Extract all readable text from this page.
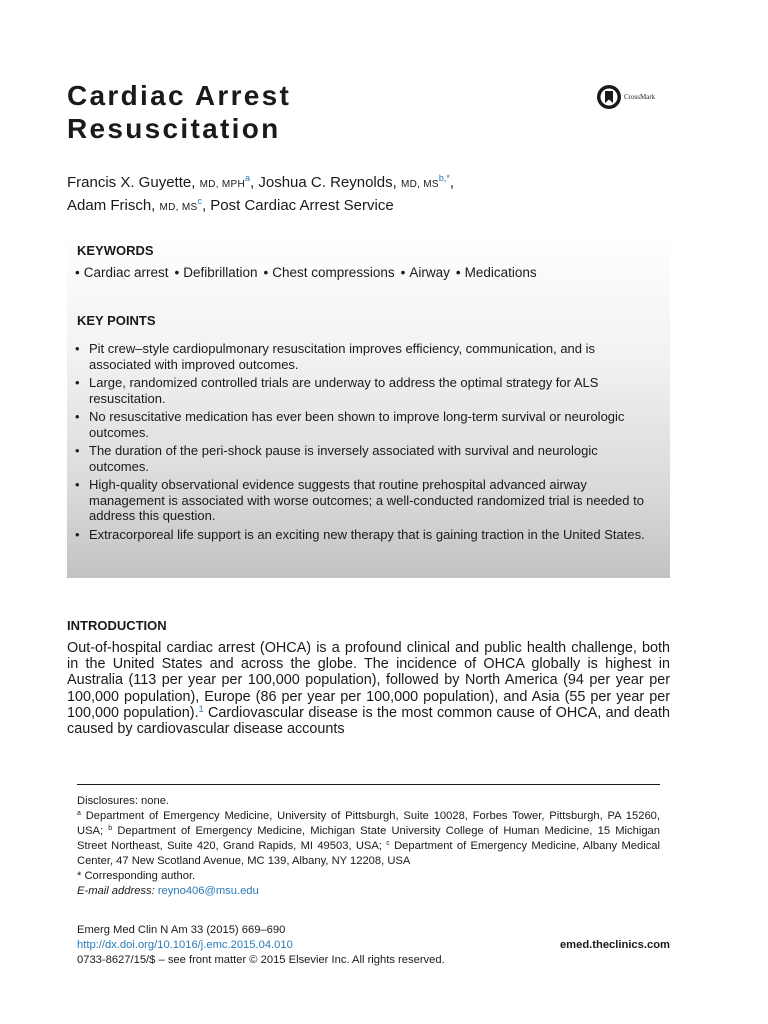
Cardiac Arrest
Resuscitation
CrossMark
Francis X. Guyette, MD, MPH$^a$, Joshua C. Reynolds, MD, $MS^{b,*}$,
Adam Frisch, MD, $MS^c$, Post Cardiac Arrest Service
KEYWORDS
• Cardiac arrest • Defibrillation • Chest compressions • Airway • Medications
KEY POINTS
• Pit crew–style cardiopulmonary resuscitation improves efficiency, communication, and is associated with improved outcomes.
• Large, randomized controlled trials are underway to address the optimal strategy for ALS resuscitation.
• No resuscitative medication has ever been shown to improve long-term survival or neurologic outcomes.
• The duration of the peri-shock pause is inversely associated with survival and neurologic outcomes.
• High-quality observational evidence suggests that routine prehospital advanced airway management is associated with worse outcomes; a well-conducted randomized trial is needed to address this question.
• Extracorporeal life support is an exciting new therapy that is gaining traction in the United States.
INTRODUCTION

Out-of-hospital cardiac arrest (OHCA) is a profound clinical and public health challenge, both in the United States and across the globe. The incidence of OHCA globally is highest in Australia (113 per year per 100,000 population), followed by North America (94 per year per 100,000 population), Europe (86 per year per 100,000 population), and Asia (55 per year per 100,000 population).$^1$ Cardiovascular disease is the most common cause of OHCA, and death caused by cardiovascular disease accounts

Disclosures: none.

$^a$ Department of Emergency Medicine, University of Pittsburgh, Suite 10028, Forbes Tower, Pittsburgh, PA 15260, USA; $^b$ Department of Emergency Medicine, Michigan State University College of Human Medicine, 15 Michigan Street Northeast, Suite 420, Grand Rapids, MI 49503, USA; $^c$ Department of Emergency Medicine, Albany Medical Center, 47 New Scotland Avenue, MC 139, Albany, NY 12208, USA

* Corresponding author.

E-mail address: reyno406@msu.edu

Emerg Med Clin N Am 33 (2015) 669–690

http://dx.doi.org/10.1016/j.emc.2015.04.010

0733-8627/15/$ – see front matter © 2015 Elsevier Inc. All rights reserved.

emed.theclinics.com
